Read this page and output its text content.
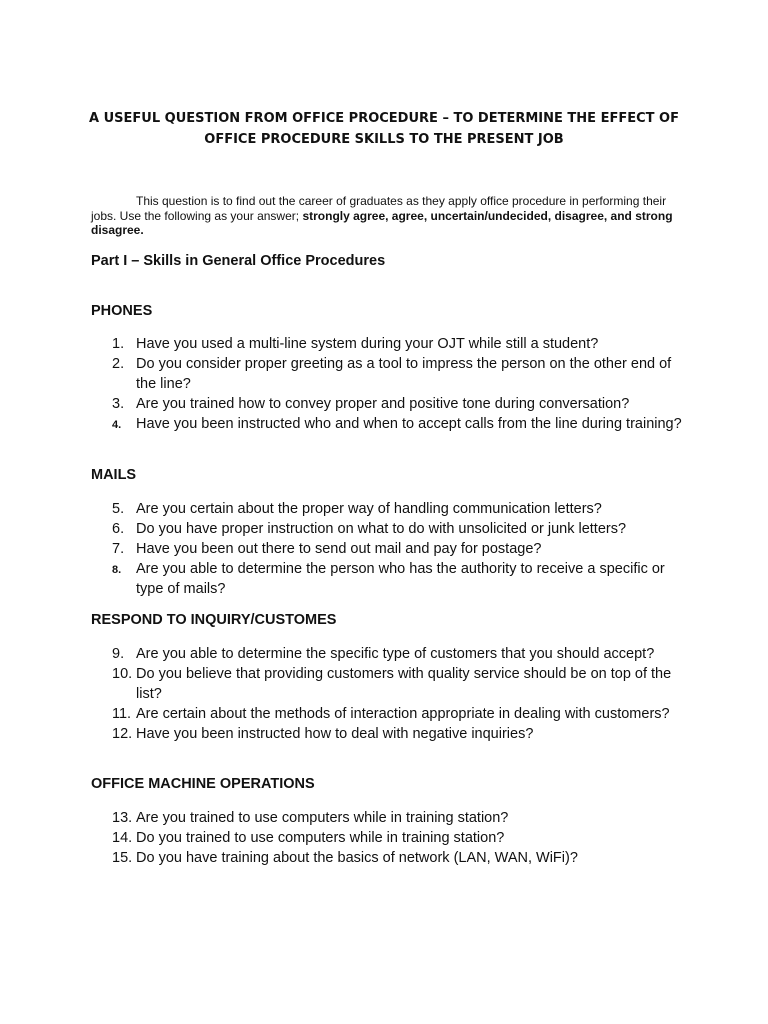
A USEFUL QUESTION FROM OFFICE PROCEDURE – TO DETERMINE THE EFFECT OF
OFFICE PROCEDURE SKILLS TO THE PRESENT JOB
This question is to find out the career of graduates as they apply office procedure in performing their jobs. Use the following as your answer; strongly agree, agree, uncertain/undecided, disagree, and strong disagree.
Part I – Skills in General Office Procedures
PHONES
1. Have you used a multi-line system during your OJT while still a student?
2. Do you consider proper greeting as a tool to impress the person on the other end of the line?
3. Are you trained how to convey proper and positive tone during conversation?
4.	Have you been instructed who and when to accept calls from the line during training?
MAILS
5. Are you certain about the proper way of handling communication letters?
6. Do you have proper instruction on what to do with unsolicited or junk letters?
7. Have you been out there to send out mail and pay for postage?
8.	Are you able to determine the person who has the authority to receive a specific or type of mails?
RESPOND TO INQUIRY/CUSTOMES
9. Are you able to determine the specific type of customers that you should accept?
10. Do you believe that providing customers with quality service should be on top of the list?
11. Are certain about the methods of interaction appropriate in dealing with customers?
12. Have you been instructed how to deal with negative inquiries?
OFFICE MACHINE OPERATIONS
13. Are you trained to use computers while in training station?
14. Do you trained to use computers while in training station?
15. Do you have training about the basics of network (LAN, WAN, WiFi)?
